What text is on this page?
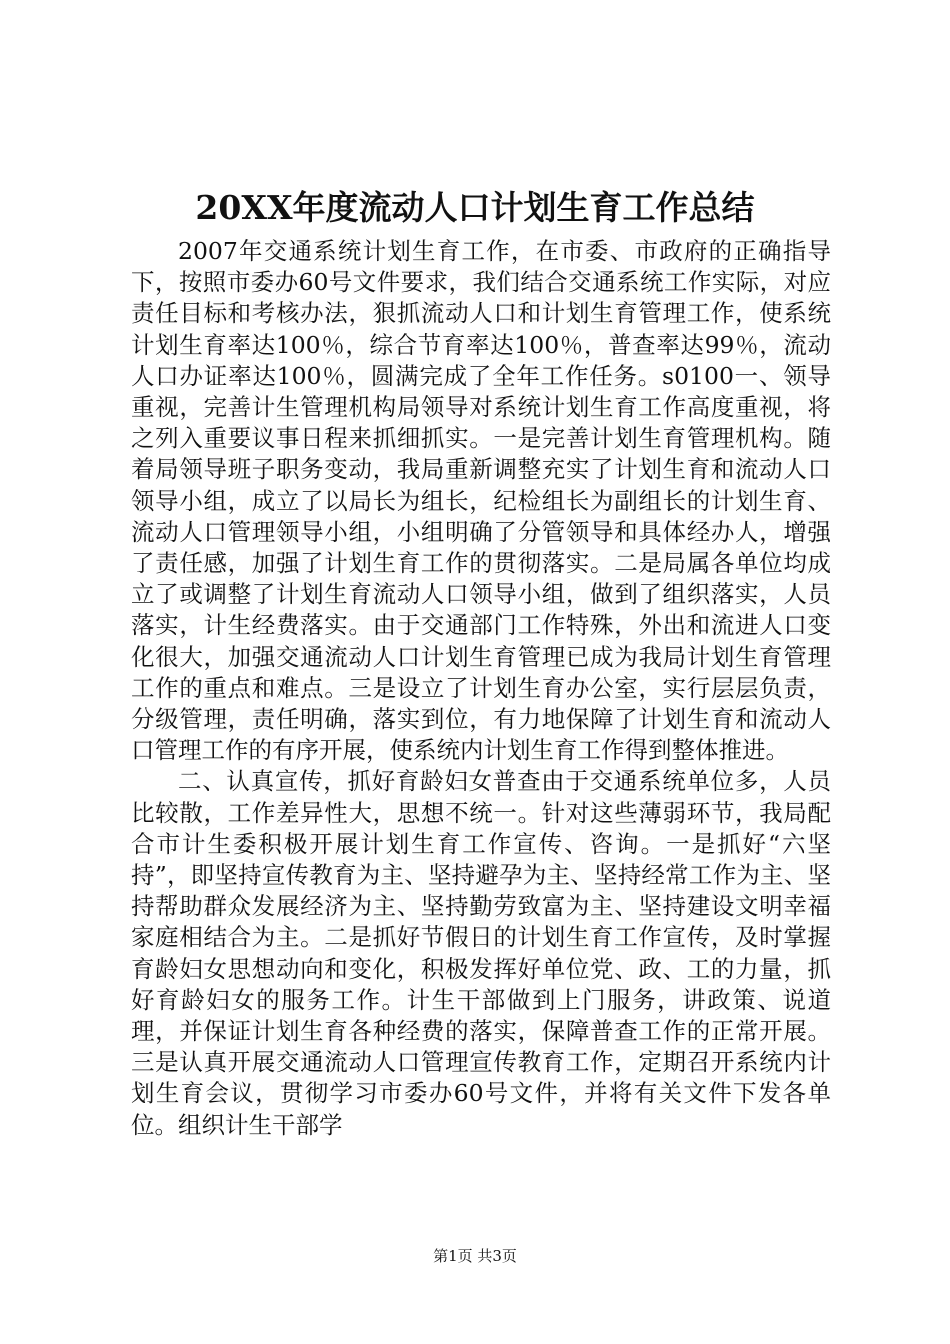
20XX年度流动人口计划生育工作总结

2007年交通系统计划生育工作，在市委、市政府的正确指导下，按照市委办60号文件要求，我们结合交通系统工作实际，对应责任目标和考核办法，狠抓流动人口和计划生育管理工作，使系统计划生育率达100％，综合节育率达100％，普查率达99％，流动人口办证率达100％，圆满完成了全年工作任务。s0100一、领导重视，完善计生管理机构局领导对系统计划生育工作高度重视，将之列入重要议事日程来抓细抓实。一是完善计划生育管理机构。随着局领导班子职务变动，我局重新调整充实了计划生育和流动人口领导小组，成立了以局长为组长，纪检组长为副组长的计划生育、流动人口管理领导小组，小组明确了分管领导和具体经办人，增强了责任感，加强了计划生育工作的贯彻落实。二是局属各单位均成立了或调整了计划生育流动人口领导小组，做到了组织落实，人员落实，计生经费落实。由于交通部门工作特殊，外出和流进人口变化很大，加强交通流动人口计划生育管理已成为我局计划生育管理工作的重点和难点。三是设立了计划生育办公室，实行层层负责，分级管理，责任明确，落实到位，有力地保障了计划生育和流动人口管理工作的有序开展，使系统内计划生育工作得到整体推进。

二、认真宣传，抓好育龄妇女普查由于交通系统单位多，人员比较散，工作差异性大，思想不统一。针对这些薄弱环节，我局配合市计生委积极开展计划生育工作宣传、咨询。一是抓好“六坚持”，即坚持宣传教育为主、坚持避孕为主、坚持经常工作为主、坚持帮助群众发展经济为主、坚持勤劳致富为主、坚持建设文明幸福家庭相结合为主。二是抓好节假日的计划生育工作宣传，及时掌握育龄妇女思想动向和变化，积极发挥好单位党、政、工的力量，抓好育龄妇女的服务工作。计生干部做到上门服务，讲政策、说道理，并保证计划生育各种经费的落实，保障普查工作的正常开展。三是认真开展交通流动人口管理宣传教育工作，定期召开系统内计划生育会议，贯彻学习市委办60号文件，并将有关文件下发各单位。组织计生干部学

第1页 共3页
